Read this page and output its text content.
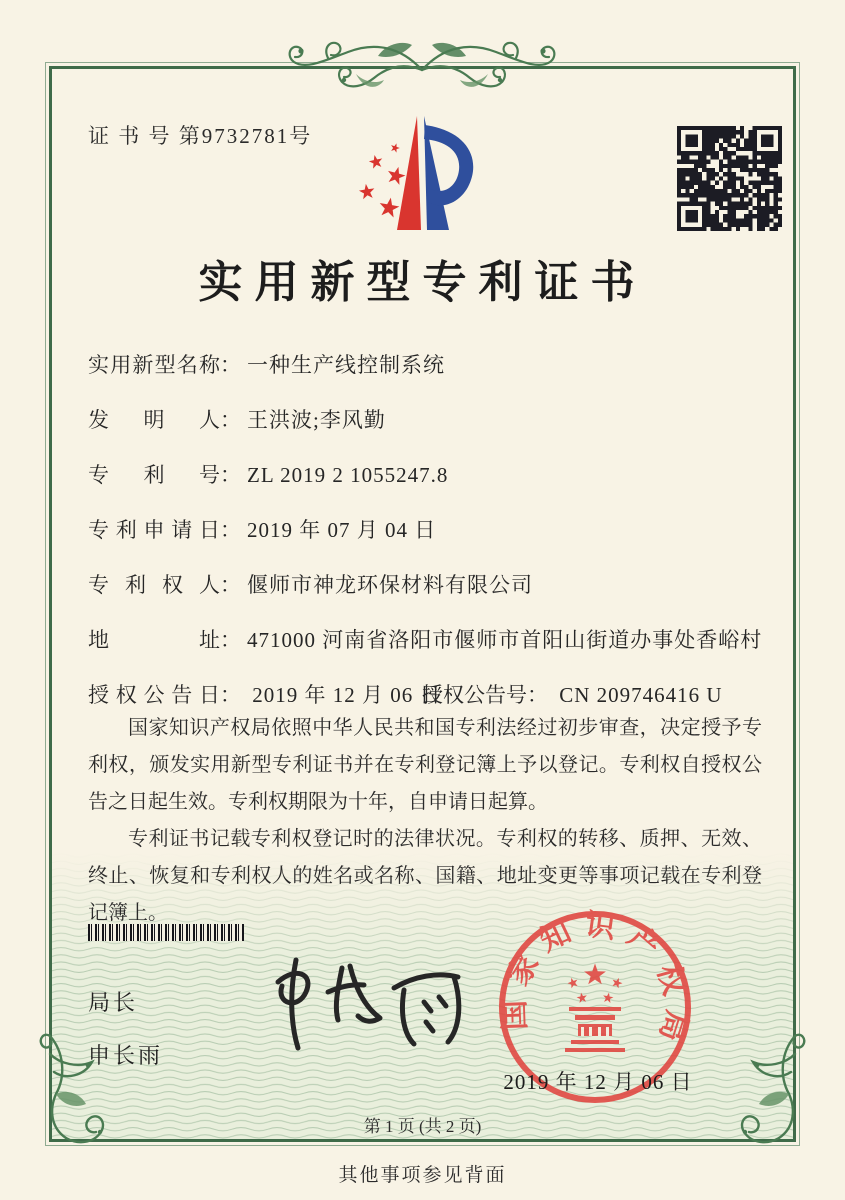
证 书 号 第9732781号
实用新型专利证书
实用新型名称 ： 一种生产线控制系统
发明人 ： 王洪波;李风勤
专利号 ： ZL 2019 2 1055247.8
专利申请日 ： 2019 年 07 月 04 日
专利权人 ： 偃师市神龙环保材料有限公司
地址 ： 471000 河南省洛阳市偃师市首阳山街道办事处香峪村
授权公告日： 2019 年 12 月 06 日
授权公告号： CN 209746416 U

国家知识产权局依照中华人民共和国专利法经过初步审查，决定授予专利权，颁发实用新型专利证书并在专利登记簿上予以登记。专利权自授权公告之日起生效。专利权期限为十年，自申请日起算。

专利证书记载专利权登记时的法律状况。专利权的转移、质押、无效、终止、恢复和专利权人的姓名或名称、国籍、地址变更等事项记载在专利登记簿上。

局长
申长雨
国家知识产权局
2019 年 12 月 06 日
第 1 页 (共 2 页)
其他事项参见背面
